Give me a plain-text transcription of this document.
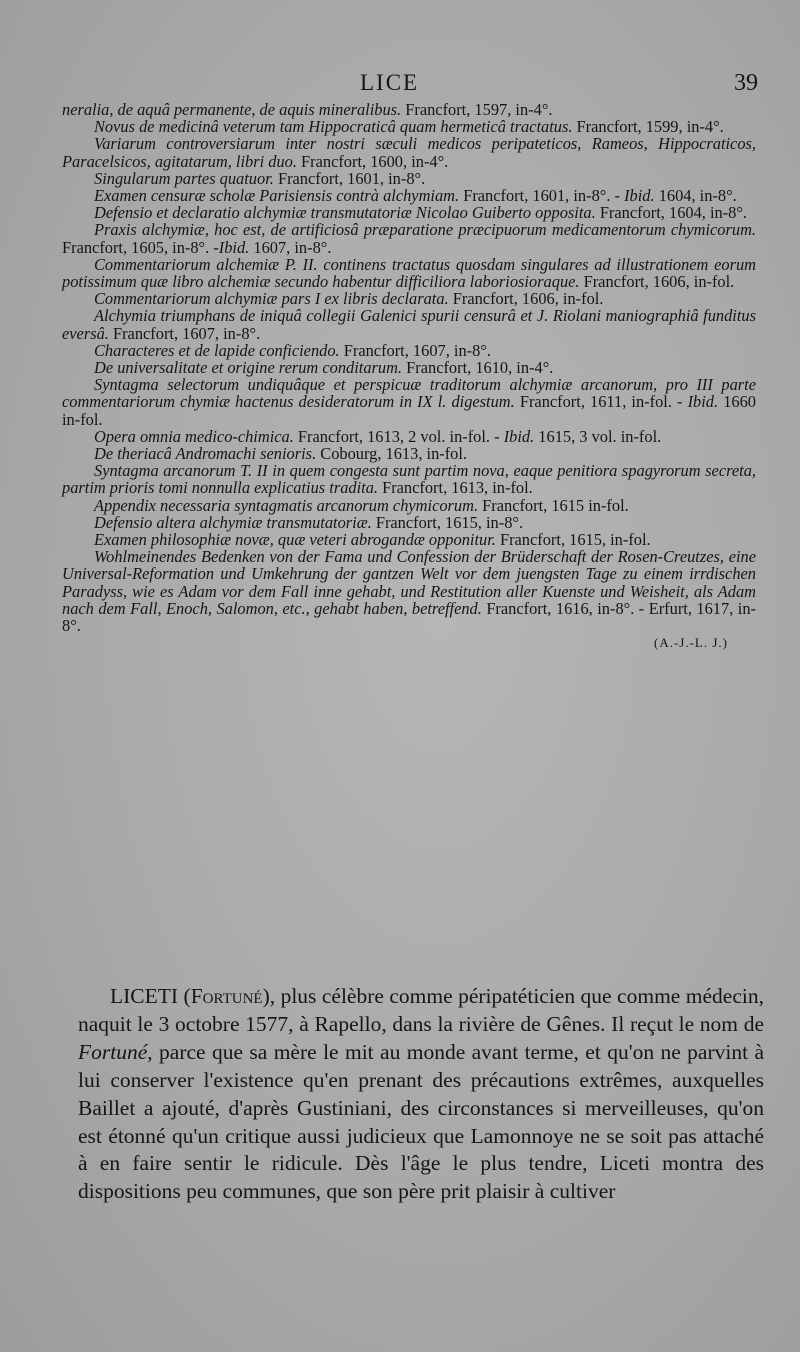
LICE	39

neralia, de aquâ permanente, de aquis mineralibus. Francfort, 1597, in-4°.

Novus de medicinâ veterum tam Hippocraticâ quam hermeticâ tractatus. Francfort, 1599, in-4°.

Variarum controversiarum inter nostri sæculi medicos peripateticos, Rameos, Hippocraticos, Paracelsicos, agitatarum, libri duo. Francfort, 1600, in-4°.

Singularum partes quatuor. Francfort, 1601, in-8°.

Examen censuræ scholæ Parisiensis contrà alchymiam. Francfort, 1601, in-8°. - Ibid. 1604, in-8°.

Defensio et declaratio alchymiæ transmutatoriæ Nicolao Guiberto opposita. Francfort, 1604, in-8°.

Praxis alchymiæ, hoc est, de artificiosâ præparatione præcipuorum medicamentorum chymicorum. Francfort, 1605, in-8°. -Ibid. 1607, in-8°.

Commentariorum alchemiæ P. II. continens tractatus quosdam singulares ad illustrationem eorum potissimum quæ libro alchemiæ secundo habentur difficiliora laboriosioraque. Francfort, 1606, in-fol.

Commentariorum alchymiæ pars I ex libris declarata. Francfort, 1606, in-fol.

Alchymia triumphans de iniquâ collegii Galenici spurii censurâ et J. Riolani maniographiâ funditus eversâ. Francfort, 1607, in-8°.

Characteres et de lapide conficiendo. Francfort, 1607, in-8°.

De universalitate et origine rerum conditarum. Francfort, 1610, in-4°.

Syntagma selectorum undiquâque et perspicuæ traditorum alchymiæ arcanorum, pro III parte commentariorum chymiæ hactenus desideratorum in IX l. digestum. Francfort, 1611, in-fol. - Ibid. 1660 in-fol.

Opera omnia medico-chimica. Francfort, 1613, 2 vol. in-fol. - Ibid. 1615, 3 vol. in-fol.

De theriacâ Andromachi senioris. Cobourg, 1613, in-fol.

Syntagma arcanorum T. II in quem congesta sunt partim nova, eaque penitiora spagyrorum secreta, partim prioris tomi nonnulla explicatius tradita. Francfort, 1613, in-fol.

Appendix necessaria syntagmatis arcanorum chymicorum. Francfort, 1615 in-fol.

Defensio altera alchymiæ transmutatoriæ. Francfort, 1615, in-8°.

Examen philosophiæ novæ, quæ veteri abrogandæ opponitur. Francfort, 1615, in-fol.

Wohlmeinendes Bedenken von der Fama und Confession der Brüderschaft der Rosen-Creutzes, eine Universal-Reformation und Umkehrung der gantzen Welt vor dem juengsten Tage zu einem irrdischen Paradyss, wie es Adam vor dem Fall inne gehabt, und Restitution aller Kuenste und Weisheit, als Adam nach dem Fall, Enoch, Salomon, etc., gehabt haben, betreffend. Francfort, 1616, in-8°. - Erfurt, 1617, in-8°.

(A.-J.-L. J.)

LICETI (Fortuné), plus célèbre comme péripatéticien que comme médecin, naquit le 3 octobre 1577, à Rapello, dans la rivière de Gênes. Il reçut le nom de Fortuné, parce que sa mère le mit au monde avant terme, et qu'on ne parvint à lui conserver l'existence qu'en prenant des précautions extrêmes, auxquelles Baillet a ajouté, d'après Gustiniani, des circonstances si merveilleuses, qu'on est étonné qu'un critique aussi judicieux que Lamonnoye ne se soit pas attaché à en faire sentir le ridicule. Dès l'âge le plus tendre, Liceti montra des dispositions peu communes, que son père prit plaisir à cultiver
